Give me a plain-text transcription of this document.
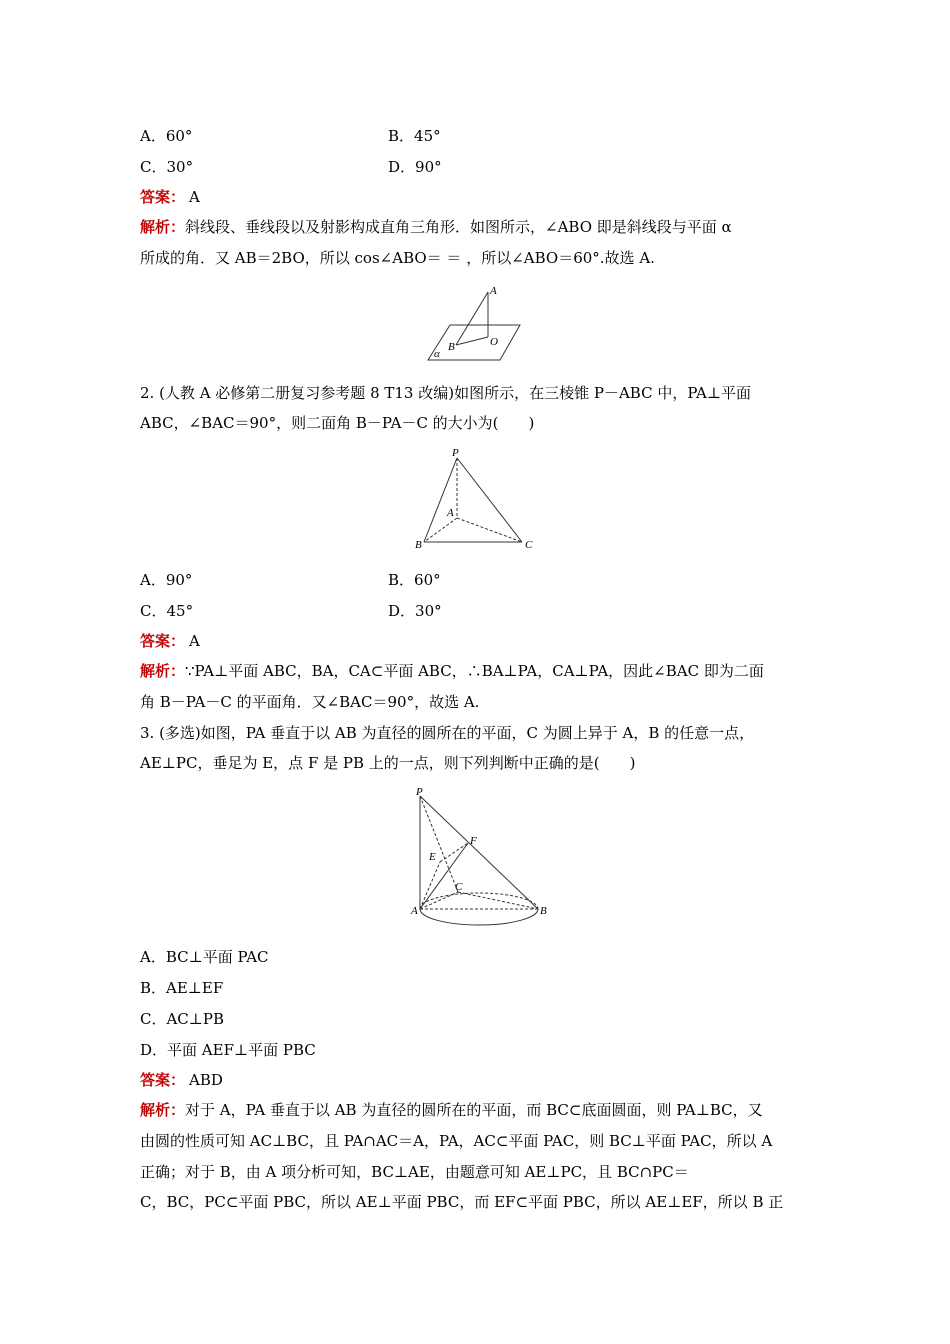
A．60°	B．45°
C．30°	D．90°
答案： A
解析：斜线段、垂线段以及射影构成直角三角形．如图所示，∠ABO 即是斜线段与平面 α
所成的角．又 AB＝2BO，所以 cos∠ABO＝ ＝ ，所以∠ABO＝60°.故选 A.
A
B	O
α
2. (人教 A 必修第二册复习参考题 8 T13 改编)如图所示，在三棱锥 P－ABC 中，PA⊥平面
ABC，∠BAC＝90°，则二面角 B－PA－C 的大小为(　　)
P
A
B	C
A．90°	B．60°
C．45°	D．30°
答案： A
解析：∵PA⊥平面 ABC，BA，CA⊂平面 ABC，∴BA⊥PA，CA⊥PA，因此∠BAC 即为二面
角 B－PA－C 的平面角．又∠BAC＝90°，故选 A.
3. (多选)如图，PA 垂直于以 AB 为直径的圆所在的平面，C 为圆上异于 A，B 的任意一点，
AE⊥PC，垂足为 E，点 F 是 PB 上的一点，则下列判断中正确的是(　　)
P
F
E
C
A	B
A．BC⊥平面 PAC
B．AE⊥EF
C．AC⊥PB
D．平面 AEF⊥平面 PBC
答案： ABD
解析：对于 A，PA 垂直于以 AB 为直径的圆所在的平面，而 BC⊂底面圆面，则 PA⊥BC，又
由圆的性质可知 AC⊥BC，且 PA∩AC＝A，PA，AC⊂平面 PAC，则 BC⊥平面 PAC，所以 A
正确；对于 B，由 A 项分析可知，BC⊥AE，由题意可知 AE⊥PC，且 BC∩PC＝
C，BC，PC⊂平面 PBC，所以 AE⊥平面 PBC，而 EF⊂平面 PBC，所以 AE⊥EF，所以 B 正
